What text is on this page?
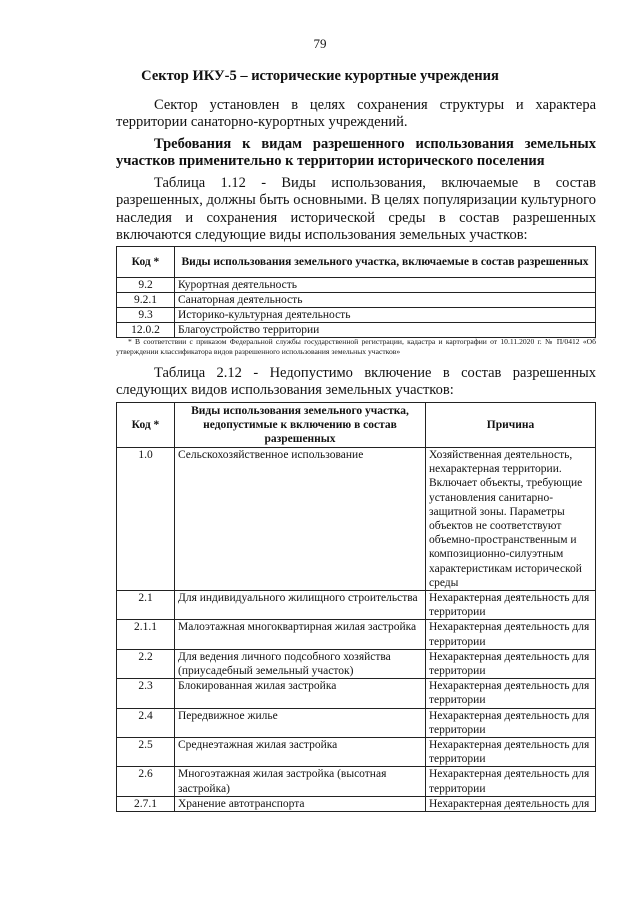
79
Сектор ИКУ-5 – исторические курортные учреждения

Сектор установлен в целях сохранения структуры и характера территории санаторно-курортных учреждений.

Требования к видам разрешенного использования земельных участков применительно к территории исторического поселения

Таблица 1.12 - Виды использования, включаемые в состав разрешенных, должны быть основными. В целях популяризации культурного наследия и сохранения исторической среды в состав разрешенных включаются следующие виды использования земельных участков:

Код *	Виды использования земельного участка, включаемые в состав разрешенных
9.2	Курортная деятельность
9.2.1	Санаторная деятельность
9.3	Историко-культурная деятельность
12.0.2	Благоустройство территории

* В соответствии с приказом Федеральной службы государственной регистрации, кадастра и картографии от 10.11.2020 г. № П/0412 «Об утверждении классификатора видов разрешенного использования земельных участков»

Таблица 2.12 - Недопустимо включение в состав разрешенных следующих видов использования земельных участков:

Код *	Виды использования земельного участка, недопустимые к включению в состав разрешенных	Причина
1.0	Сельскохозяйственное использование	Хозяйственная деятельность, нехарактерная территории. Включает объекты, требующие установления санитарно-защитной зоны. Параметры объектов не соответствуют объемно-пространственным и композиционно-силуэтным характеристикам исторической среды
2.1	Для индивидуального жилищного строительства	Нехарактерная деятельность для территории
2.1.1	Малоэтажная многоквартирная жилая застройка	Нехарактерная деятельность для территории
2.2	Для ведения личного подсобного хозяйства (приусадебный земельный участок)	Нехарактерная деятельность для территории
2.3	Блокированная жилая застройка	Нехарактерная деятельность для территории
2.4	Передвижное жилье	Нехарактерная деятельность для территории
2.5	Среднеэтажная жилая застройка	Нехарактерная деятельность для территории
2.6	Многоэтажная жилая застройка (высотная застройка)	Нехарактерная деятельность для территории
2.7.1	Хранение автотранспорта	Нехарактерная деятельность для
